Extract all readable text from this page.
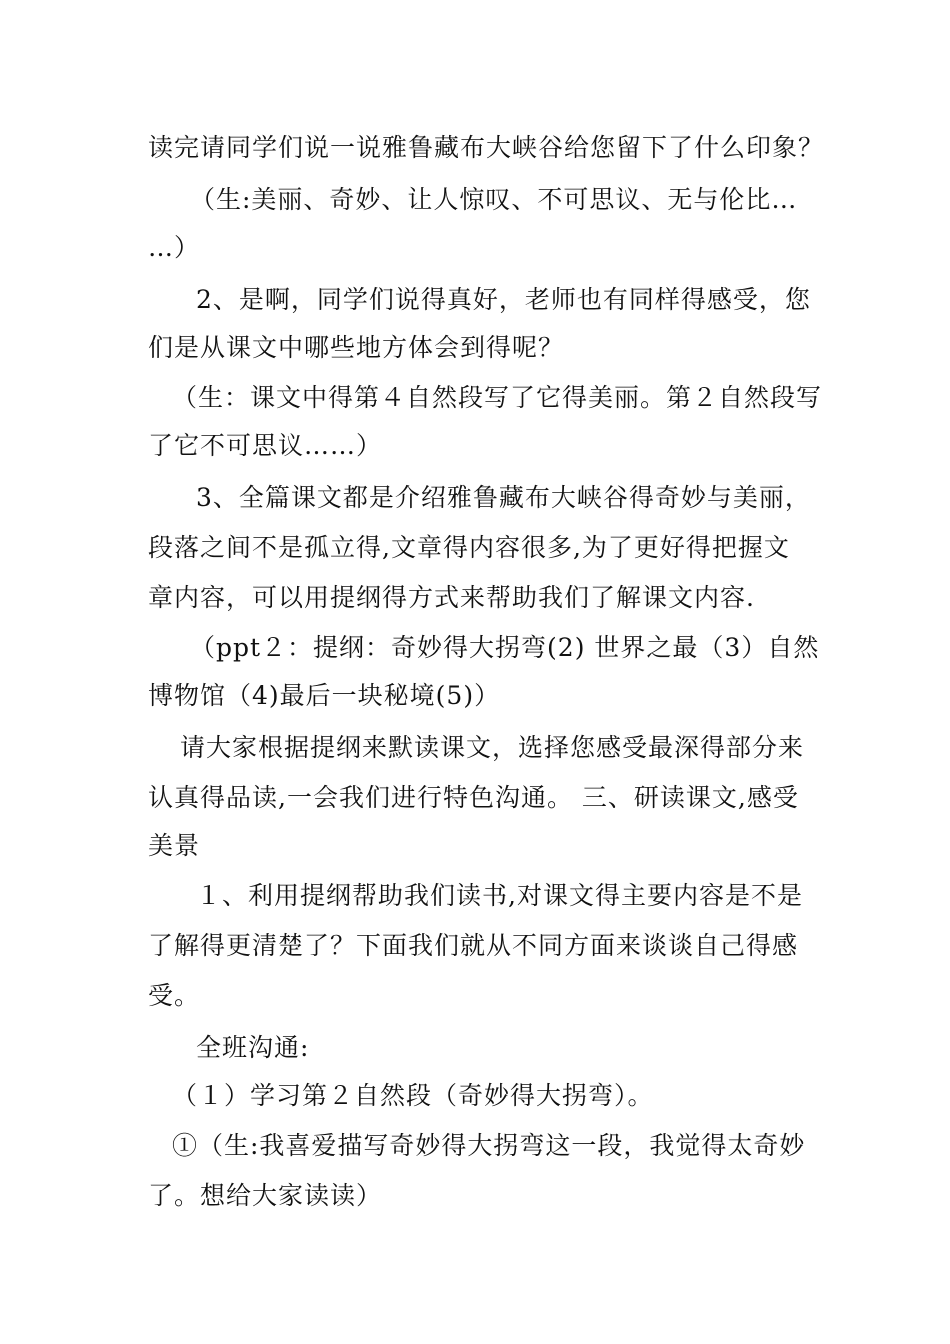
读完请同学们说一说雅鲁藏布大峡谷给您留下了什么印象？
（生:美丽、奇妙、让人惊叹、不可思议、无与伦比…
…）
2、是啊，同学们说得真好，老师也有同样得感受，您
们是从课文中哪些地方体会到得呢？
（生：课文中得第４自然段写了它得美丽。第２自然段写
了它不可思议……）
3、全篇课文都是介绍雅鲁藏布大峡谷得奇妙与美丽，
段落之间不是孤立得,文章得内容很多,为了更好得把握文
章内容，可以用提纲得方式来帮助我们了解课文内容.
（ppt２：提纲：奇妙得大拐弯(2) 世界之最（3）自然
博物馆（4)最后一块秘境(5)）
请大家根据提纲来默读课文，选择您感受最深得部分来
认真得品读,一会我们进行特色沟通。 三、研读课文,感受
美景
１、利用提纲帮助我们读书,对课文得主要内容是不是
了解得更清楚了？下面我们就从不同方面来谈谈自己得感
受。
全班沟通:
（１）学习第２自然段（奇妙得大拐弯）。
①（生:我喜爱描写奇妙得大拐弯这一段，我觉得太奇妙
了。想给大家读读）
